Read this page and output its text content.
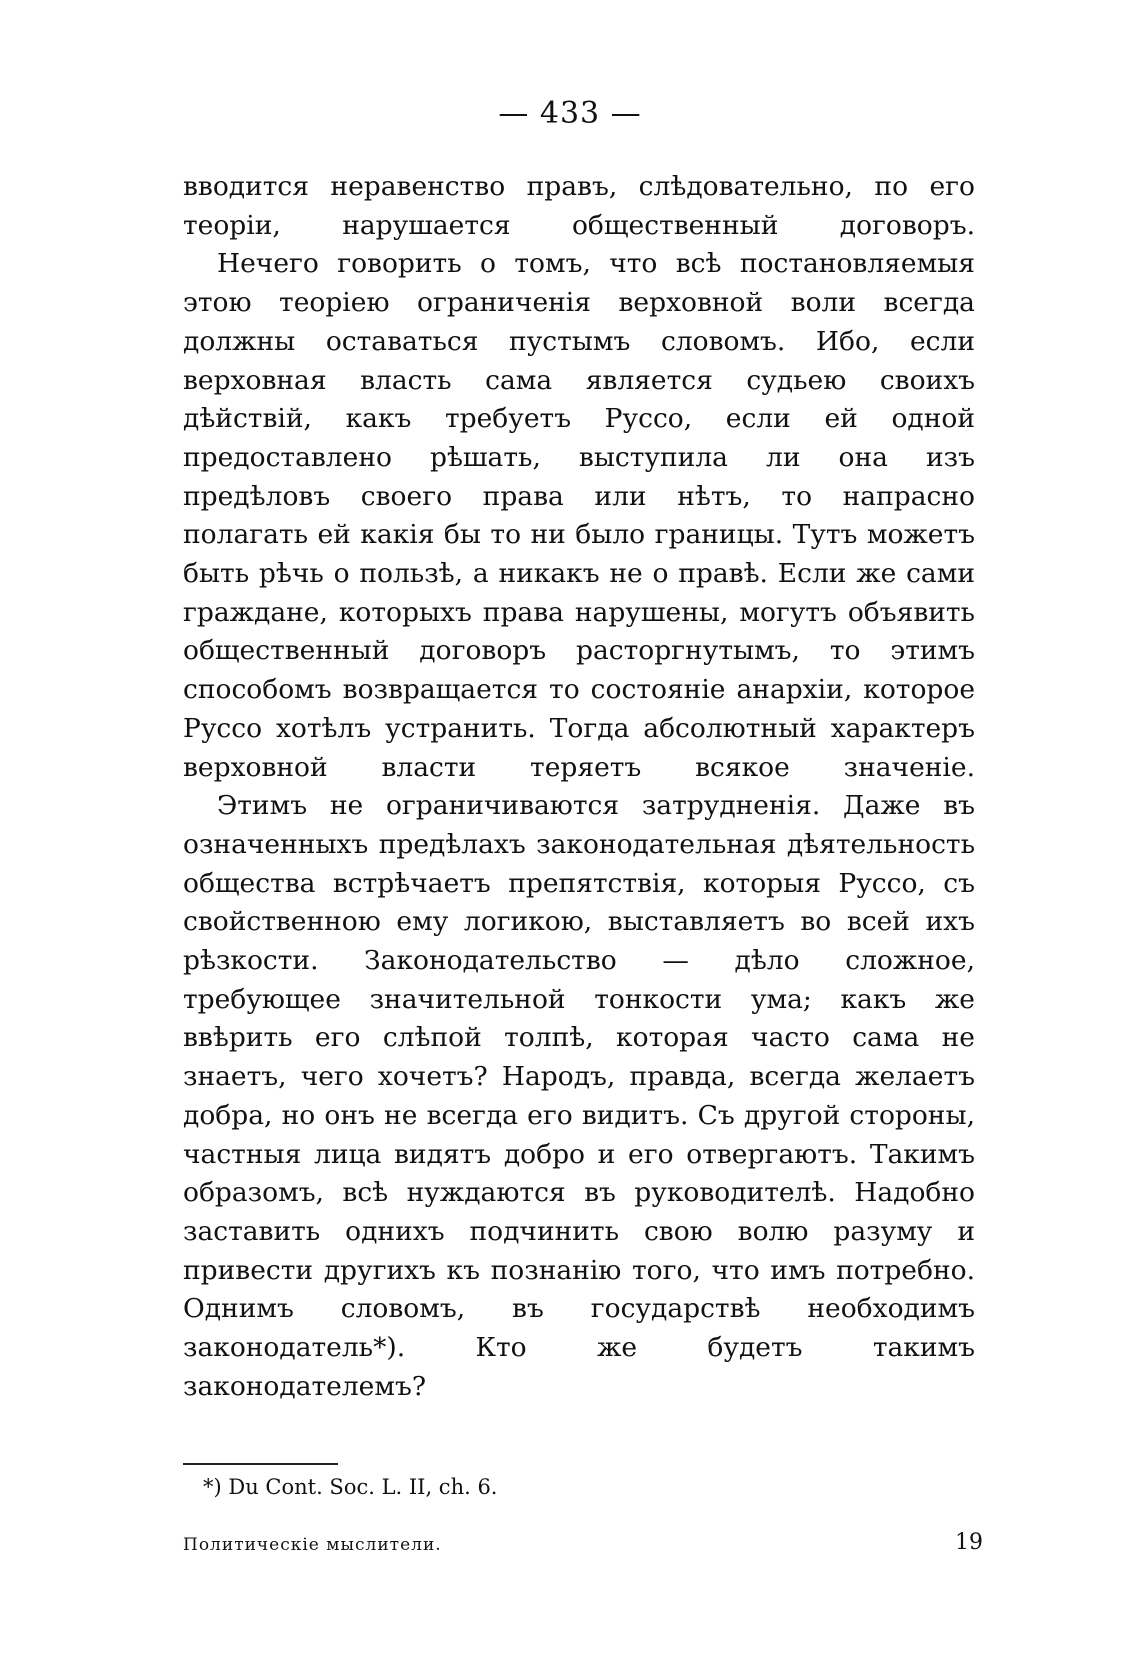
— 433 —

вводится неравенство правъ, слѣдовательно, по его теоріи, нарушается общественный договоръ.

Нечего говорить о томъ, что всѣ постановляемыя этою теоріею ограниченія верховной воли всегда должны оставаться пустымъ словомъ. Ибо, если верховная власть сама является судьею своихъ дѣйствій, какъ требуетъ Руссо, если ей одной предоставлено рѣшать, выступила ли она изъ предѣловъ своего права или нѣтъ, то напрасно полагать ей какія бы то ни было границы. Тутъ можетъ быть рѣчь о пользѣ, а никакъ не о правѣ. Если же сами граждане, которыхъ права нарушены, могутъ объявить общественный договоръ расторгнутымъ, то этимъ способомъ возвращается то состояніе анархіи, которое Руссо хотѣлъ устранить. Тогда абсолютный характеръ верховной власти теряетъ всякое значеніе.

Этимъ не ограничиваются затрудненія. Даже въ означенныхъ предѣлахъ законодательная дѣятельность общества встрѣчаетъ препятствія, которыя Руссо, съ свойственною ему логикою, выставляетъ во всей ихъ рѣзкости. Законодательство — дѣло сложное, требующее значительной тонкости ума; какъ же ввѣрить его слѣпой толпѣ, которая часто сама не знаетъ, чего хочетъ? Народъ, правда, всегда желаетъ добра, но онъ не всегда его видитъ. Съ другой стороны, частныя лица видятъ добро и его отвергаютъ. Такимъ образомъ, всѣ нуждаются въ руководителѣ. Надобно заставить однихъ подчинить свою волю разуму и привести другихъ къ познанію того, что имъ потребно. Однимъ словомъ, въ государствѣ необходимъ законодатель*). Кто же будетъ такимъ законодателемъ?

*) Du Cont. Soc. L. II, ch. 6.
Политическіе мыслители.	19
